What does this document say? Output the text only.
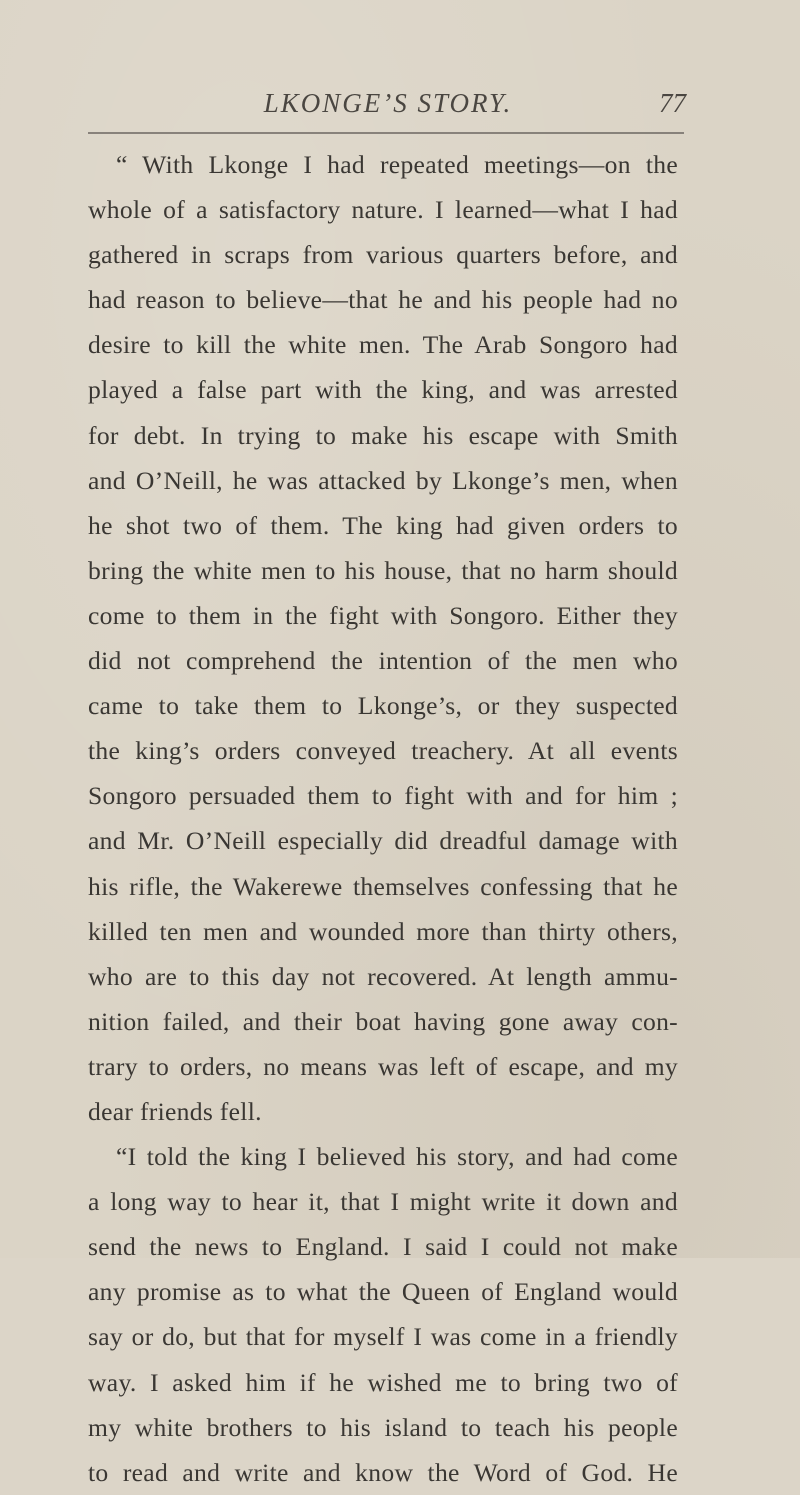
LKONGE’S STORY.	77
“ With Lkonge I had repeated meetings—on the
whole of a satisfactory nature. I learned—what I had
gathered in scraps from various quarters before, and
had reason to believe—that he and his people had no
desire to kill the white men. The Arab Songoro had
played a false part with the king, and was arrested
for debt. In trying to make his escape with Smith
and O’Neill, he was attacked by Lkonge’s men, when
he shot two of them. The king had given orders to
bring the white men to his house, that no harm should
come to them in the fight with Songoro. Either they
did not comprehend the intention of the men who
came to take them to Lkonge’s, or they suspected
the king’s orders conveyed treachery. At all events
Songoro persuaded them to fight with and for him ;
and Mr. O’Neill especially did dreadful damage with
his rifle, the Wakerewe themselves confessing that he
killed ten men and wounded more than thirty others,
who are to this day not recovered. At length ammu-
nition failed, and their boat having gone away con-
trary to orders, no means was left of escape, and my
dear friends fell.
“I told the king I believed his story, and had come
a long way to hear it, that I might write it down and
send the news to England. I said I could not make
any promise as to what the Queen of England would
say or do, but that for myself I was come in a friendly
way. I asked him if he wished me to bring two of
my white brothers to his island to teach his people
to read and write and know the Word of God. He
